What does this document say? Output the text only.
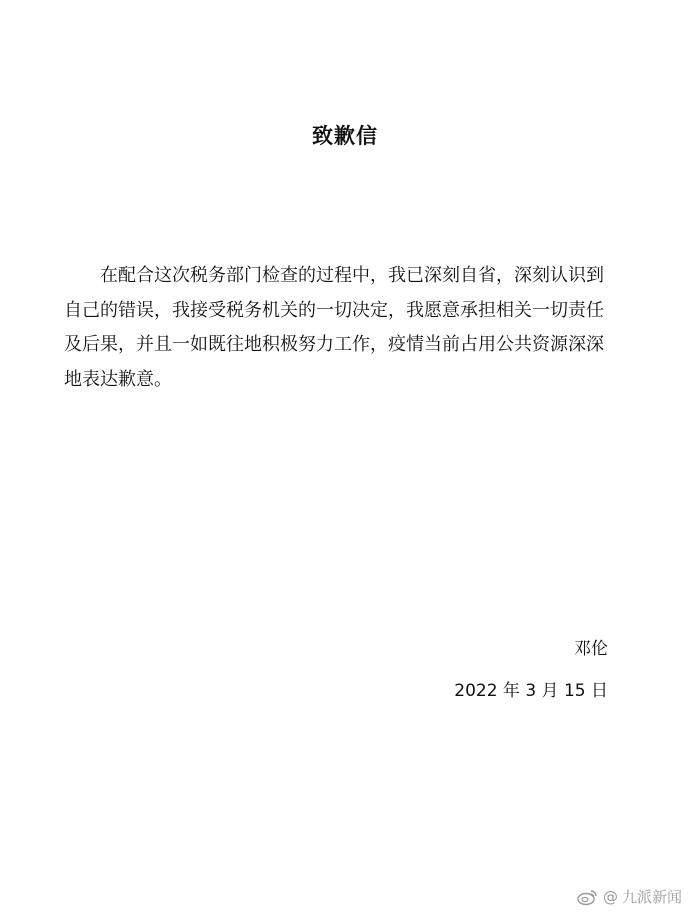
致歉信
在配合这次税务部门检查的过程中，我已深刻自省，深刻认识到
自己的错误，我接受税务机关的一切决定，我愿意承担相关一切责任
及后果，并且一如既往地积极努力工作，疫情当前占用公共资源深深
地表达歉意。
邓伦
2022 年 3 月 15 日
@ 九派新闻
